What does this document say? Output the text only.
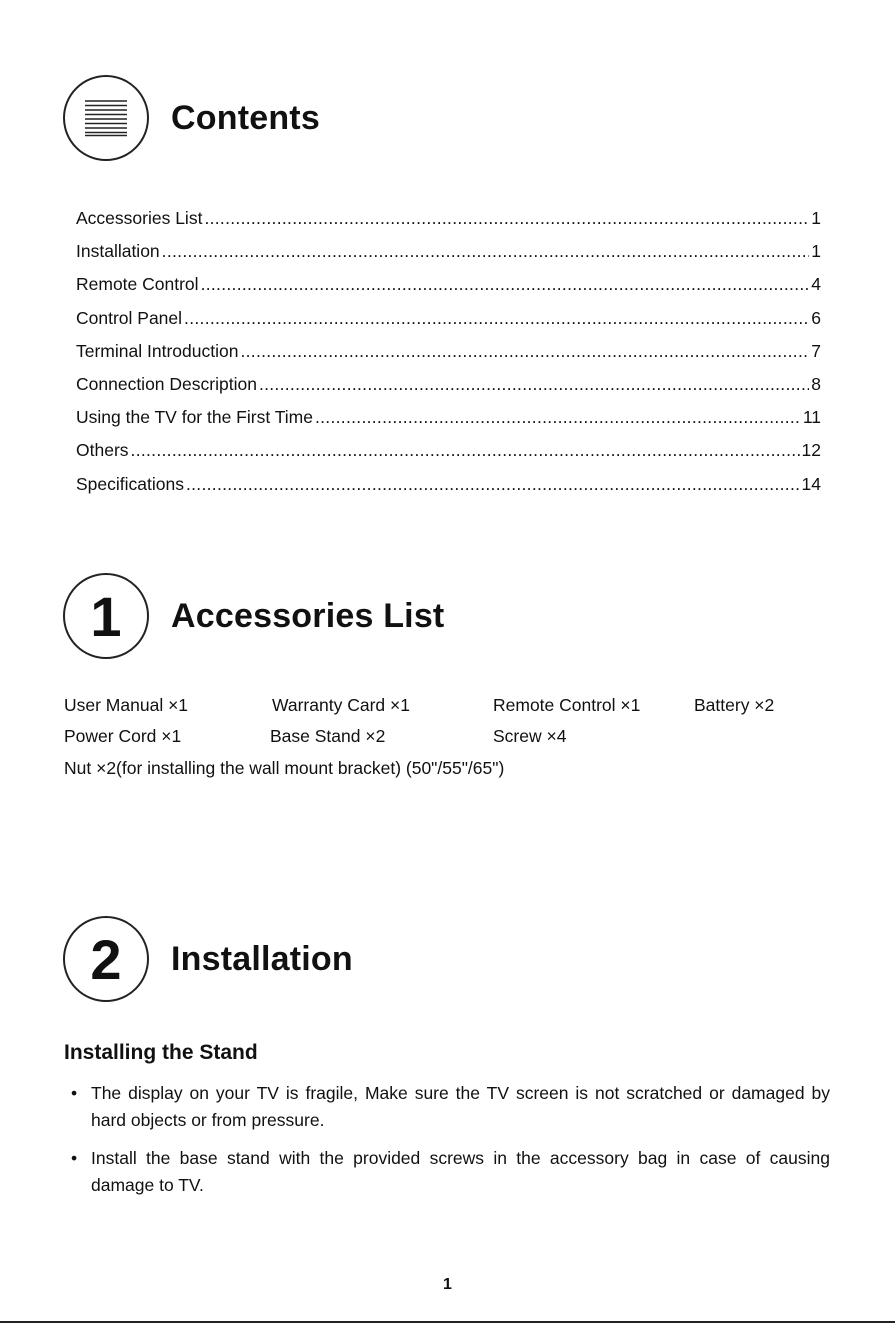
Contents
Accessories List .....	1
Installation .....	1
Remote Control .....	4
Control Panel .....	6
Terminal Introduction .....	7
Connection Description .....	8
Using the TV for the First Time .....	11
Others .....	12
Specifications .....	14
1 Accessories List
User Manual ×1	Warranty Card ×1	Remote Control ×1	Battery ×2
Power Cord ×1	Base Stand ×2	Screw ×4
Nut ×2(for installing the wall mount bracket) (50"/55"/65")
2 Installation
Installing the Stand
• The display on your TV is fragile, Make sure the TV screen is not scratched or damaged by hard objects or from pressure.
• Install the base stand with the provided screws in the accessory bag in case of causing damage to TV.
1
